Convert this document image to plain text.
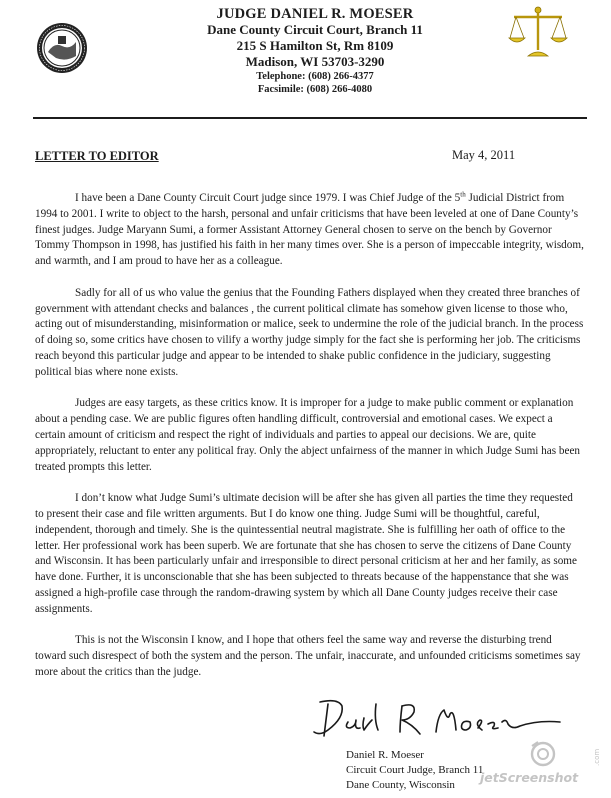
JUDGE DANIEL R. MOESER
Dane County Circuit Court, Branch 11
215 S Hamilton St, Rm 8109
Madison, WI 53703-3290
Telephone: (608) 266-4377
Facsimile: (608) 266-4080
LETTER TO EDITOR	May 4, 2011

I have been a Dane County Circuit Court judge since 1979. I was Chief Judge of the 5th Judicial District from 1994 to 2001. I write to object to the harsh, personal and unfair criticisms that have been leveled at one of Dane County’s finest judges. Judge Maryann Sumi, a former Assistant Attorney General chosen to serve on the bench by Governor Tommy Thompson in 1998, has justified his faith in her many times over. She is a person of impeccable integrity, wisdom, and warmth, and I am proud to have her as a colleague.

Sadly for all of us who value the genius that the Founding Fathers displayed when they created three branches of government with attendant checks and balances , the current political climate has somehow given license to those who, acting out of misunderstanding, misinformation or malice, seek to undermine the role of the judicial branch. In the process of doing so, some critics have chosen to vilify a worthy judge simply for the fact she is performing her job. The criticisms reach beyond this particular judge and appear to be intended to shake public confidence in the judiciary, suggesting political bias where none exists.

Judges are easy targets, as these critics know. It is improper for a judge to make public comment or explanation about a pending case. We are public figures often handling difficult, controversial and emotional cases. We expect a certain amount of criticism and respect the right of individuals and parties to appeal our decisions. We are, quite appropriately, reluctant to enter any political fray. Only the abject unfairness of the manner in which Judge Sumi has been treated prompts this letter.

I don’t know what Judge Sumi’s ultimate decision will be after she has given all parties the time they requested to present their case and file written arguments. But I do know one thing. Judge Sumi will be thoughtful, careful, independent, thorough and timely. She is the quintessential neutral magistrate. She is fulfilling her oath of office to the letter. Her professional work has been superb. We are fortunate that she has chosen to serve the citizens of Dane County and Wisconsin. It has been particularly unfair and irresponsible to direct personal criticism at her and her family, as some have done. Further, it is unconscionable that she has been subjected to threats because of the happenstance that she was assigned a high-profile case through the random-drawing system by which all Dane County judges receive their case assignments.

This is not the Wisconsin I know, and I hope that others feel the same way and reverse the disturbing trend toward such disrespect of both the system and the person. The unfair, inaccurate, and unfounded criticisms sometimes say more about the critics than the judge.

Daniel R. Moeser
Circuit Court Judge, Branch 11
Dane County, Wisconsin	jetScreenshot
.com
